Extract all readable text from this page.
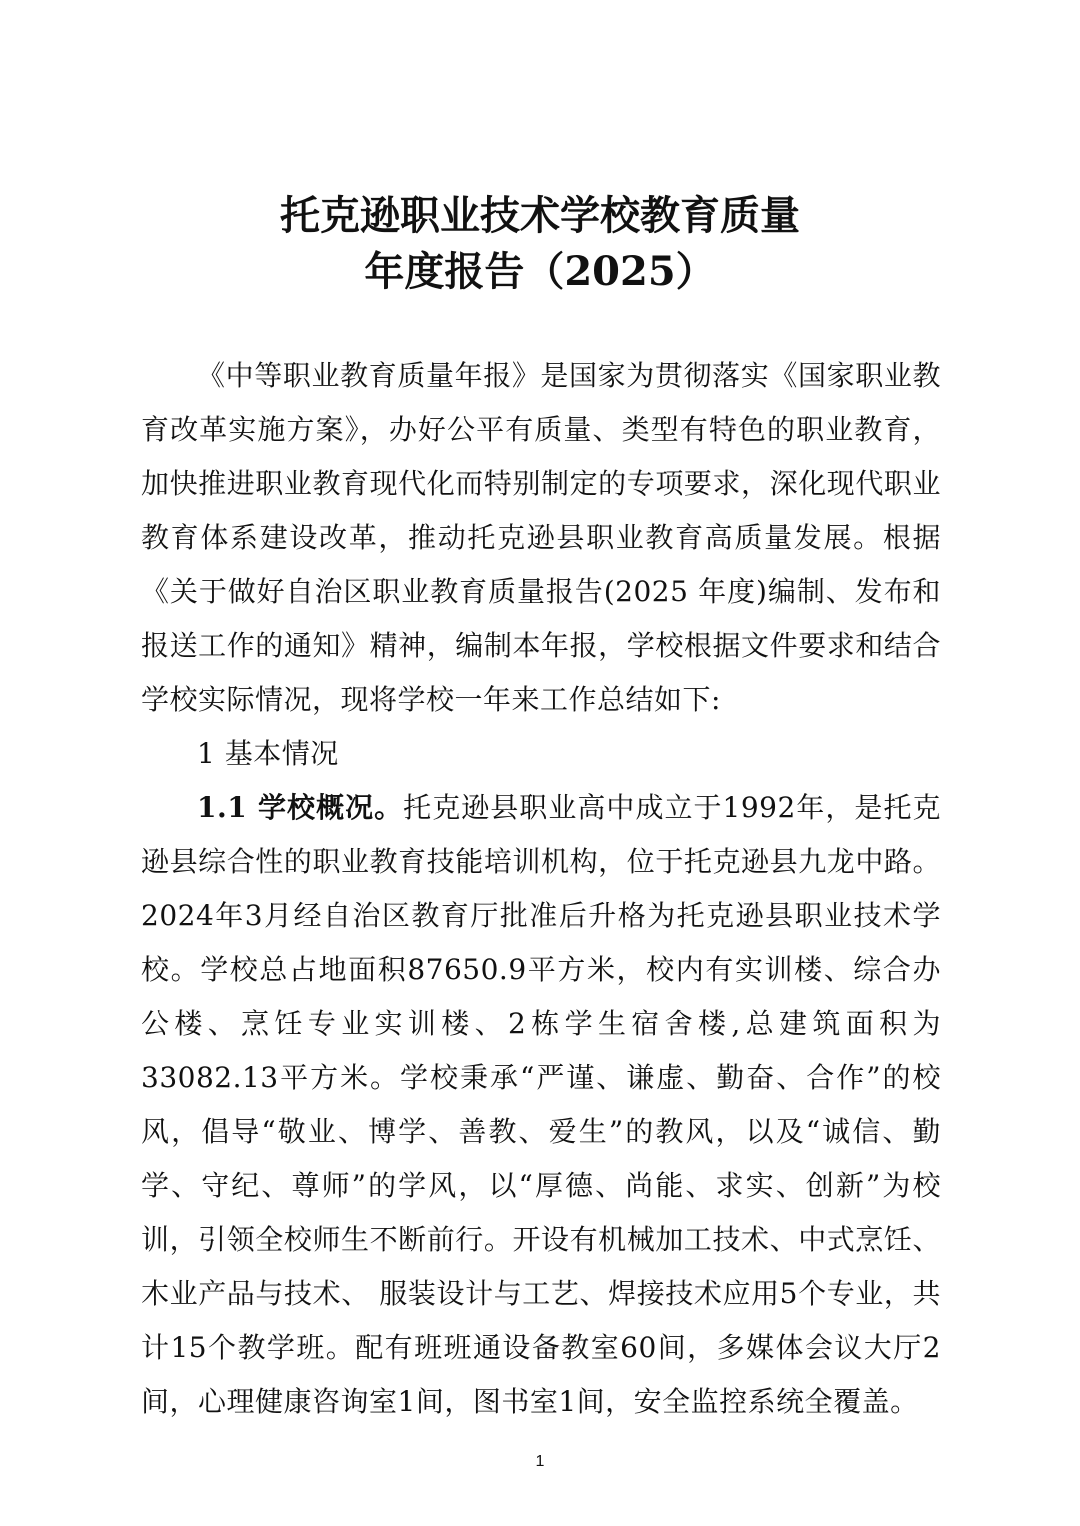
托克逊职业技术学校教育质量
年度报告（2025）

《中等职业教育质量年报》是国家为贯彻落实《国家职业教育改革实施方案》，办好公平有质量、类型有特色的职业教育，加快推进职业教育现代化而特别制定的专项要求，深化现代职业教育体系建设改革，推动托克逊县职业教育高质量发展。根据《关于做好自治区职业教育质量报告(2025 年度)编制、发布和报送工作的通知》精神，编制本年报，学校根据文件要求和结合学校实际情况，现将学校一年来工作总结如下:

1 基本情况

1.1 学校概况。托克逊县职业高中成立于1992年，是托克逊县综合性的职业教育技能培训机构，位于托克逊县九龙中路。2024年3月经自治区教育厅批准后升格为托克逊县职业技术学校。学校总占地面积87650.9平方米，校内有实训楼、综合办公楼、烹饪专业实训楼、2栋学生宿舍楼,总建筑面积为33082.13平方米。学校秉承“严谨、谦虚、勤奋、合作”的校风，倡导“敬业、博学、善教、爱生”的教风，以及“诚信、勤学、守纪、尊师”的学风，以“厚德、尚能、求实、创新”为校训，引领全校师生不断前行。开设有机械加工技术、中式烹饪、木业产品与技术、 服装设计与工艺、焊接技术应用5个专业，共计15个教学班。配有班班通设备教室60间，多媒体会议大厅2间，心理健康咨询室1间，图书室1间，安全监控系统全覆盖。

1
